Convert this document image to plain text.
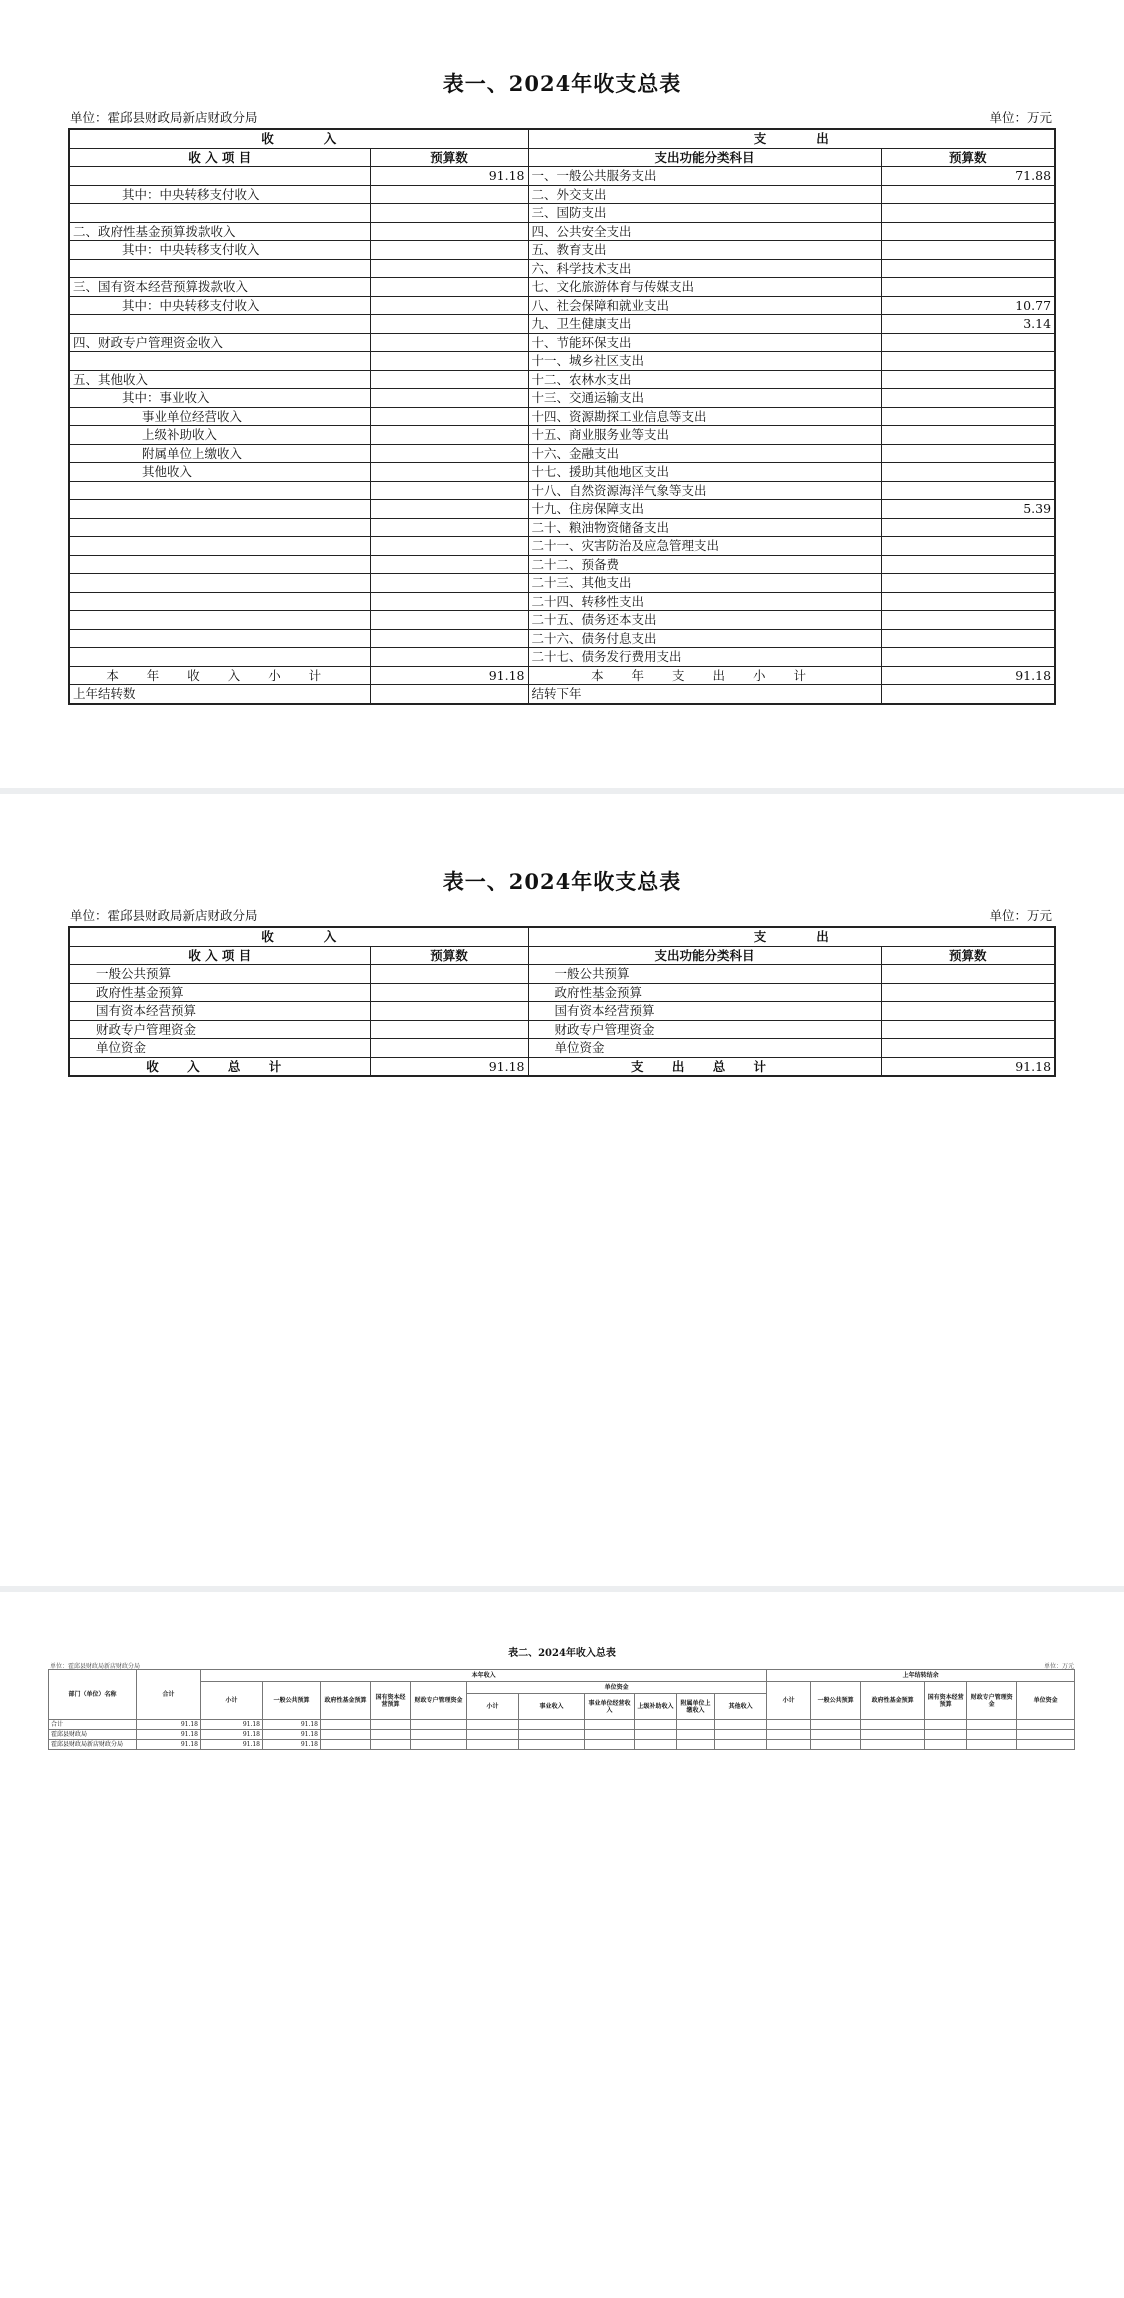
表一、2024年收支总表
单位：霍邱县财政局新店财政分局	单位：万元
收　　　　入		支　　　　出	
收 入 项 目	预算数	支出功能分类科目	预算数
	91.18	一、一般公共服务支出	71.88
其中：中央转移支付收入		二、外交支出	
		三、国防支出	
二、政府性基金预算拨款收入		四、公共安全支出	
其中：中央转移支付收入		五、教育支出	
		六、科学技术支出	
三、国有资本经营预算拨款收入		七、文化旅游体育与传媒支出	
其中：中央转移支付收入		八、社会保障和就业支出	10.77
		九、卫生健康支出	3.14
四、财政专户管理资金收入		十、节能环保支出	
		十一、城乡社区支出	
五、其他收入		十二、农林水支出	
其中：事业收入		十三、交通运输支出	
事业单位经营收入		十四、资源勘探工业信息等支出	
上级补助收入		十五、商业服务业等支出	
附属单位上缴收入		十六、金融支出	
其他收入		十七、援助其他地区支出	
		十八、自然资源海洋气象等支出	
		十九、住房保障支出	5.39
		二十、粮油物资储备支出	
		二十一、灾害防治及应急管理支出	
		二十二、预备费	
		二十三、其他支出	
		二十四、转移性支出	
		二十五、债务还本支出	
		二十六、债务付息支出	
		二十七、债务发行费用支出	
本 年 收 入 小 计	91.18	本 年 支 出 小 计	91.18
上年结转数		结转下年	
表一、2024年收支总表
单位：霍邱县财政局新店财政分局	单位：万元
收　　　　入		支　　　　出	
收 入 项 目	预算数	支出功能分类科目	预算数
一般公共预算		一般公共预算	
政府性基金预算		政府性基金预算	
国有资本经营预算		国有资本经营预算	
财政专户管理资金		财政专户管理资金	
单位资金		单位资金	
收 入 总 计	91.18	支 出 总 计	91.18
表二、2024年收入总表
单位：霍邱县财政局新店财政分局	单位：万元
部门（单位）名称	合计	本年收入											上年结转结余					
		小计	一般公共预算	政府性基金预算	国有资本经营预算	财政专户管理资金	单位资金						小计	一般公共预算	政府性基金预算	国有资本经营预算	财政专户管理资金	单位资金
							小计	事业收入	事业单位经营收入	上级补助收入	附属单位上缴收入	其他收入						
合计	91.18	91.18	91.18															
霍邱县财政局	91.18	91.18	91.18															
霍邱县财政局新店财政分局	91.18	91.18	91.18															
